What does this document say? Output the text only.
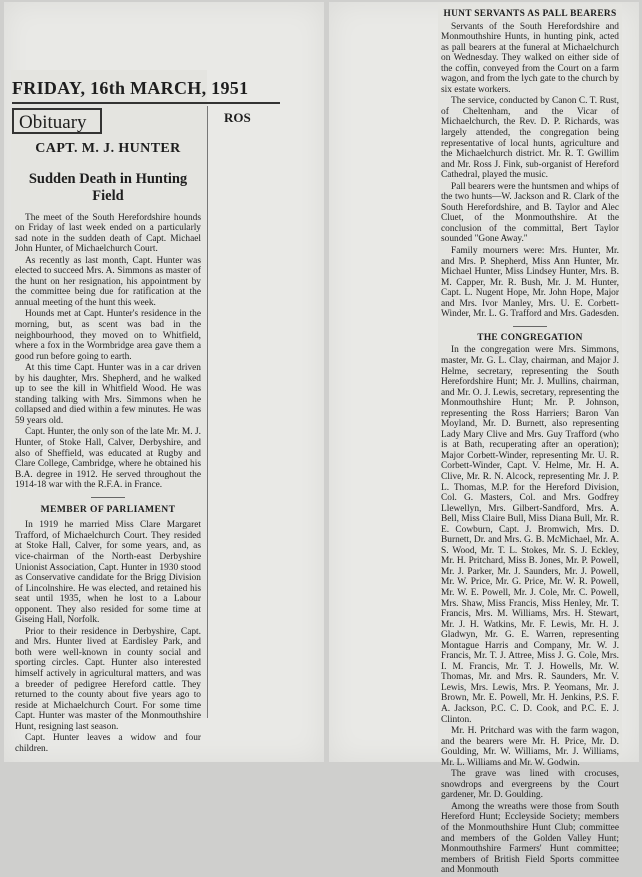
FRIDAY, 16th MARCH, 1951
ROS
Obituary
CAPT. M. J. HUNTER
Sudden Death in Hunting Field

The meet of the South Herefordshire hounds on Friday of last week ended on a particularly sad note in the sudden death of Capt. Michael John Hunter, of Michaelchurch Court.

As recently as last month, Capt. Hunter was elected to succeed Mrs. A. Simmons as master of the hunt on her resignation, his appointment by the committee being due for ratification at the annual meeting of the hunt this week.

Hounds met at Capt. Hunter's residence in the morning, but, as scent was bad in the neighbourhood, they moved on to Whitfield, where a fox in the Wormbridge area gave them a good run before going to earth.

At this time Capt. Hunter was in a car driven by his daughter, Mrs. Shepherd, and he walked up to see the kill in Whitfield Wood. He was standing talking with Mrs. Simmons when he collapsed and died within a few minutes. He was 59 years old.

Capt. Hunter, the only son of the late Mr. M. J. Hunter, of Stoke Hall, Calver, Derbyshire, and also of Sheffield, was educated at Rugby and Clare College, Cambridge, where he obtained his B.A. degree in 1912. He served throughout the 1914-18 war with the R.F.A. in France.

MEMBER OF PARLIAMENT

In 1919 he married Miss Clare Margaret Trafford, of Michaelchurch Court. They resided at Stoke Hall, Calver, for some years, and, as vice-chairman of the North-east Derbyshire Unionist Association, Capt. Hunter in 1930 stood as Conservative candidate for the Brigg Division of Lincolnshire. He was elected, and retained his seat until 1935, when he lost to a Labour opponent. They also resided for some time at Giseing Hall, Norfolk.

Prior to their residence in Derbyshire, Capt. and Mrs. Hunter lived at Eardisley Park, and both were well-known in county social and sporting circles. Capt. Hunter also interested himself actively in agricultural matters, and was a breeder of pedigree Hereford cattle. They returned to the county about five years ago to reside at Michaelchurch Court. For some time Capt. Hunter was master of the Monmouthshire Hunt, resigning last season.

Capt. Hunter leaves a widow and four children.

HUNT SERVANTS AS PALL BEARERS

Servants of the South Herefordshire and Monmouthshire Hunts, in hunting pink, acted as pall bearers at the funeral at Michaelchurch on Wednesday. They walked on either side of the coffin, conveyed from the Court on a farm wagon, and from the lych gate to the church by six estate workers.

The service, conducted by Canon C. T. Rust, of Cheltenham, and the Vicar of Michaelchurch, the Rev. D. P. Richards, was largely attended, the congregation being representative of local hunts, agriculture and the Michaelchurch district. Mr. R. T. Gwillim and Mr. Ross J. Fink, sub-organist of Hereford Cathedral, played the music.

Pall bearers were the huntsmen and whips of the two hunts—W. Jackson and R. Clark of the South Herefordshire, and B. Taylor and Alec Cluet, of the Monmouthshire. At the conclusion of the committal, Bert Taylor sounded "Gone Away."

Family mourners were: Mrs. Hunter, Mr. and Mrs. P. Shepherd, Miss Ann Hunter, Mr. Michael Hunter, Miss Lindsey Hunter, Mrs. B. M. Capper, Mr. R. Bush, Mr. J. M. Hunter, Capt. L. Nugent Hope, Mr. John Hope, Major and Mrs. Ivor Manley, Mrs. U. E. Corbett-Winder, Mr. L. G. Trafford and Mrs. Gadesden.

THE CONGREGATION

In the congregation were Mrs. Simmons, master, Mr. G. L. Clay, chairman, and Major J. Helme, secretary, representing the South Herefordshire Hunt; Mr. J. Mullins, chairman, and Mr. O. J. Lewis, secretary, representing the Monmouthshire Hunt; Mr. P. Johnson, representing the Ross Harriers; Baron Van Moyland, Mr. D. Burnett, also representing Lady Mary Clive and Mrs. Guy Trafford (who is at Bath, recuperating after an operation); Major Corbett-Winder, representing Mr. U. R. Corbett-Winder, Capt. V. Helme, Mr. H. A. Clive, Mr. R. N. Alcock, representing Mr. J. P. L. Thomas, M.P. for the Hereford Division, Col. G. Masters, Col. and Mrs. Godfrey Llewellyn, Mrs. Gilbert-Sandford, Mrs. A. Bell, Miss Claire Bull, Miss Diana Bull, Mr. R. E. Cowburn, Capt. J. Bromwich, Mrs. D. Burnett, Dr. and Mrs. G. B. McMichael, Mr. A. S. Wood, Mr. T. L. Stokes, Mr. S. J. Eckley, Mr. H. Pritchard, Miss B. Jones, Mr. P. Powell, Mr. J. Parker, Mr. J. Saunders, Mr. J. Powell, Mr. W. Price, Mr. G. Price, Mr. W. R. Powell, Mr. W. E. Powell, Mr. J. Cole, Mr. C. Powell, Mrs. Shaw, Miss Francis, Miss Henley, Mr. T. Francis, Mrs. M. Williams, Mrs. H. Stewart, Mr. J. H. Watkins, Mr. F. Lewis, Mr. H. J. Gladwyn, Mr. G. E. Warren, representing Montague Harris and Company, Mr. W. J. Francis, Mr. T. J. Attree, Miss J. G. Cole, Mrs. I. M. Francis, Mr. T. J. Howells, Mr. W. Thomas, Mr. and Mrs. R. Saunders, Mr. V. Lewis, Mrs. Lewis, Mrs. P. Yeomans, Mr. J. Brown, Mr. E. Powell, Mr. H. Jenkins, P.S. F. A. Jackson, P.C. C. D. Cook, and P.C. E. J. Clinton.

Mr. H. Pritchard was with the farm wagon, and the bearers were Mr. H. Price, Mr. D. Goulding, Mr. W. Williams, Mr. J. Williams, Mr. L. Williams and Mr. W. Godwin.

The grave was lined with crocuses, snowdrops and evergreens by the Court gardener, Mr. D. Goulding.

Among the wreaths were those from South Hereford Hunt; Eccleyside Society; members of the Monmouthshire Hunt Club; committee and members of the Golden Valley Hunt; Monmouthshire Farmers' Hunt committee; members of British Field Sports committee and Monmouth
